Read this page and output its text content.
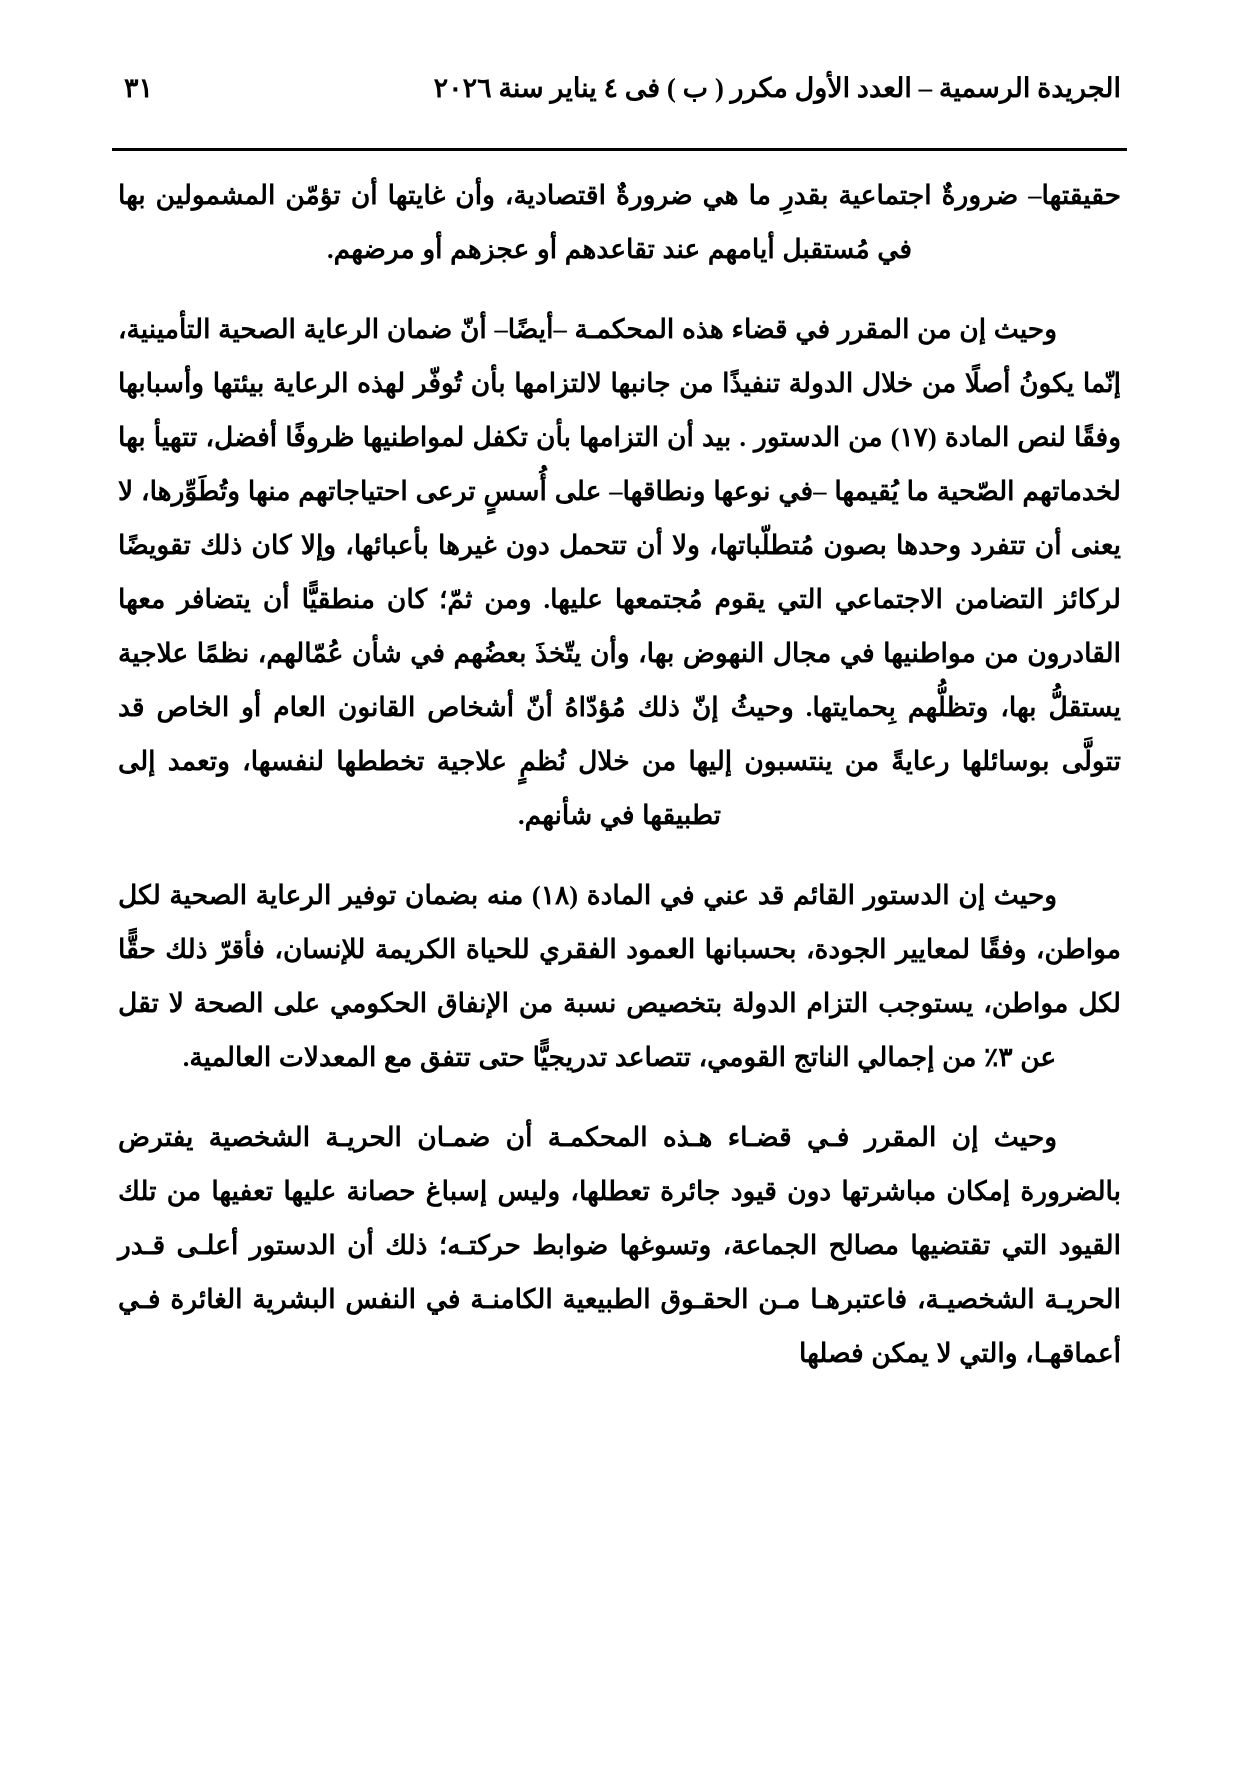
الجريدة الرسمية – العدد الأول مكرر ( ب ) فى ٤ يناير سنة ٢٠٢٦
٣١

حقيقتها– ضرورةٌ اجتماعية بقدرِ ما هي ضرورةٌ اقتصادية، وأن غايتها أن تؤمّن المشمولين بها في مُستقبل أيامهم عند تقاعدهم أو عجزهم أو مرضهم.

وحيث إن من المقرر في قضاء هذه المحكمـة –أيضًا– أنّ ضمان الرعاية الصحية التأمينية، إنّما يكونُ أصلًا من خلال الدولة تنفيذًا من جانبها لالتزامها بأن تُوفّر لهذه الرعاية بيئتها وأسبابها وفقًا لنص المادة (١٧) من الدستور . بيد أن التزامها بأن تكفل لمواطنيها ظروفًا أفضل، تتهيأ بها لخدماتهم الصّحية ما يُقيمها –في نوعها ونطاقها– على أُسسٍ ترعى احتياجاتهم منها وتُطَوِّرها، لا يعنى أن تتفرد وحدها بصون مُتطلّباتها، ولا أن تتحمل دون غيرها بأعبائها، وإلا كان ذلك تقويضًا لركائز التضامن الاجتماعي التي يقوم مُجتمعها عليها. ومن ثمّ؛ كان منطقيًّا أن يتضافر معها القادرون من مواطنيها في مجال النهوض بها، وأن يتّخذَ بعضُهم في شأن عُمّالهم، نظمًا علاجية يستقلُّ بها، وتظلُّهم بِحمايتها. وحيثُ إنّ ذلك مُؤدّاهُ أنّ أشخاص القانون العام أو الخاص قد تتولَّى بوسائلها رعايةً من ينتسبون إليها من خلال نُظمٍ علاجية تخططها لنفسها، وتعمد إلى تطبيقها في شأنهم.

وحيث إن الدستور القائم قد عني في المادة (١٨) منه بضمان توفير الرعاية الصحية لكل مواطن، وفقًا لمعايير الجودة، بحسبانها العمود الفقري للحياة الكريمة للإنسان، فأقرّ ذلك حقًّا لكل مواطن، يستوجب التزام الدولة بتخصيص نسبة من الإنفاق الحكومي على الصحة لا تقل عن ٣٪ من إجمالي الناتج القومي، تتصاعد تدريجيًّا حتى تتفق مع المعدلات العالمية.

وحيث إن المقرر فـي قضـاء هـذه المحكمـة أن ضمـان الحريـة الشخصية يفترض بالضرورة إمكان مباشرتها دون قيود جائرة تعطلها، وليس إسباغ حصانة عليها تعفيها من تلك القيود التي تقتضيها مصالح الجماعة، وتسوغها ضوابط حركتـه؛ ذلك أن الدستور أعلـى قـدر الحريـة الشخصيـة، فاعتبرهـا مـن الحقـوق الطبيعية الكامنـة في النفس البشرية الغائرة فـي أعماقهـا، والتي لا يمكن فصلها
